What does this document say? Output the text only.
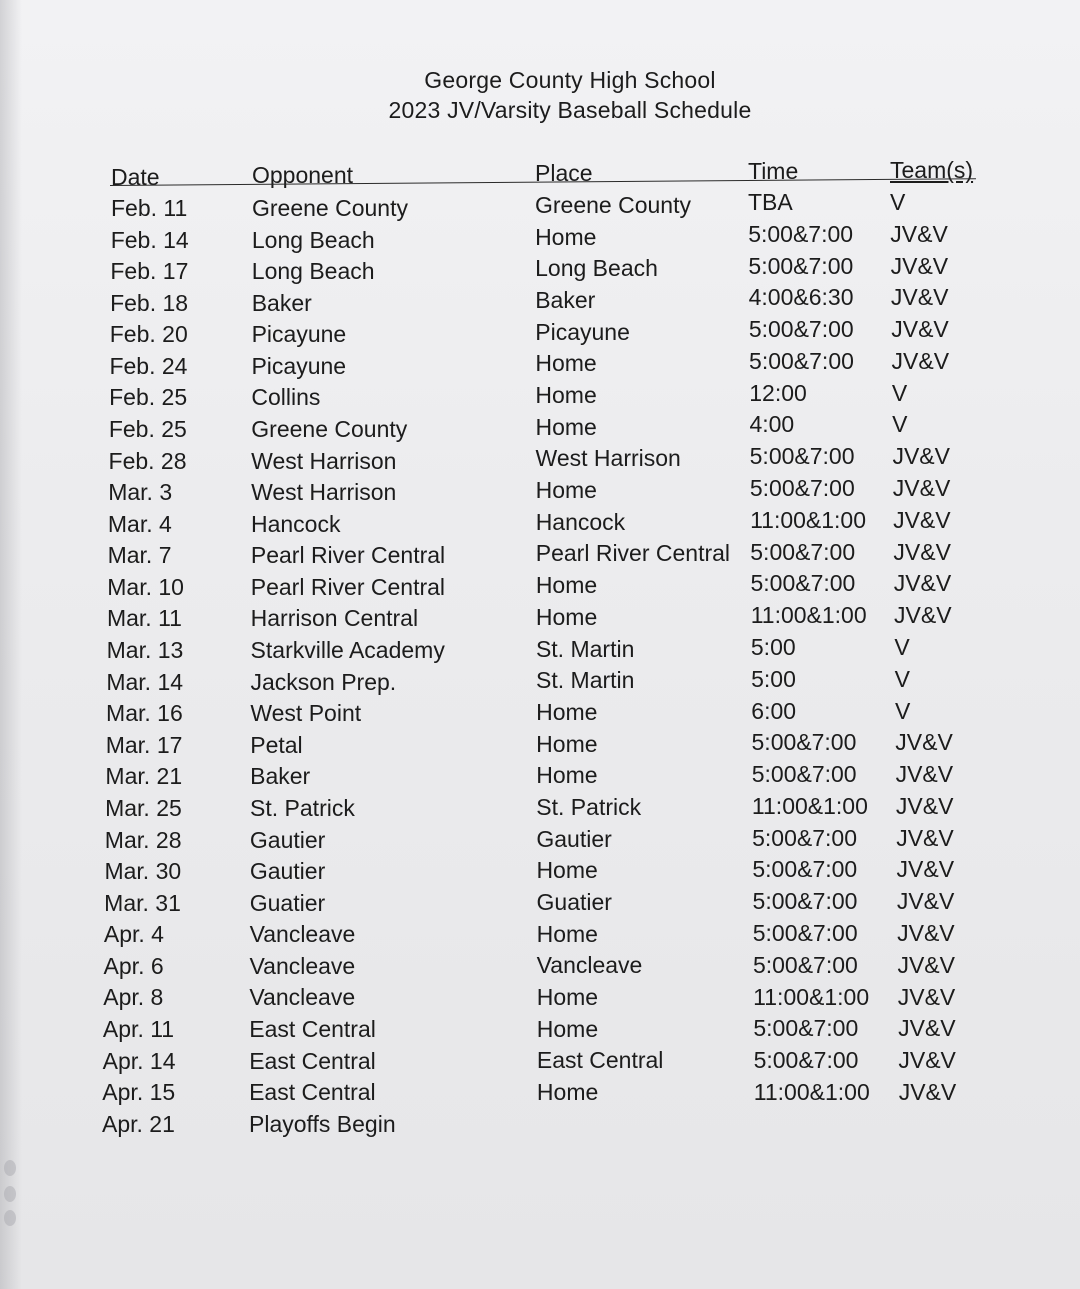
George County High School
2023 JV/Varsity Baseball Schedule
Date	Opponent	Place	Time	Team(s)
Feb. 11	Greene County	Greene County TBA	V
Feb. 14	Long Beach	Home	5:00&7:00 JV&V
Feb. 17	Long Beach	Long Beach	5:00&7:00 JV&V
Feb. 18	Baker	Baker	4:00&6:30 JV&V
Feb. 20	Picayune	Picayune	5:00&7:00 JV&V
Feb. 24	Picayune	Home	5:00&7:00 JV&V
Feb. 25	Collins	Home	12:00	V
Feb. 25	Greene County	Home	4:00	V
Feb. 28	West Harrison	West Harrison	5:00&7:00 JV&V
Mar. 3	West Harrison	Home	5:00&7:00 JV&V
Mar. 4	Hancock	Hancock	11:00&1:00 JV&V
Mar. 7	Pearl River Central	Pearl River Central 5:00&7:00 JV&V
Mar. 10	Pearl River Central	Home	5:00&7:00 JV&V
Mar. 11	Harrison Central	Home	11:00&1:00 JV&V
Mar. 13	Starkville Academy	St. Martin	5:00	V
Mar. 14	Jackson Prep.	St. Martin	5:00	V
Mar. 16	West Point	Home	6:00	V
Mar. 17	Petal	Home	5:00&7:00 JV&V
Mar. 21	Baker	Home	5:00&7:00 JV&V
Mar. 25	St. Patrick	St. Patrick	11:00&1:00 JV&V
Mar. 28	Gautier	Gautier	5:00&7:00 JV&V
Mar. 30	Gautier	Home	5:00&7:00 JV&V
Mar. 31	Guatier	Guatier	5:00&7:00 JV&V
Apr. 4	Vancleave	Home	5:00&7:00 JV&V
Apr. 6	Vancleave	Vancleave	5:00&7:00 JV&V
Apr. 8	Vancleave	Home	11:00&1:00 JV&V
Apr. 11	East Central	Home	5:00&7:00 JV&V
Apr. 14	East Central	East Central	5:00&7:00 JV&V
Apr. 15	East Central	Home	11:00&1:00 JV&V
Apr. 21	Playoffs Begin
